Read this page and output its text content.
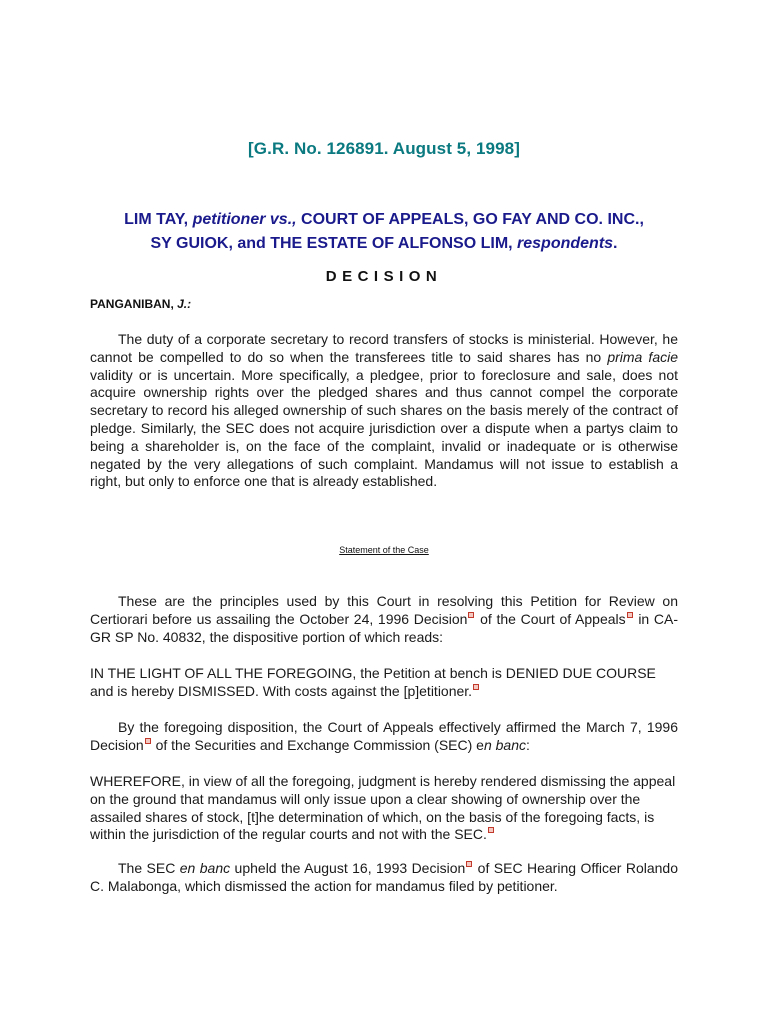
[G.R. No. 126891. August 5, 1998]
LIM TAY, petitioner vs., COURT OF APPEALS, GO FAY AND CO. INC.,
SY GUIOK, and THE ESTATE OF ALFONSO LIM, respondents.
DECISION
PANGANIBAN, J.:
The duty of a corporate secretary to record transfers of stocks is ministerial. However, he cannot be compelled to do so when the transferees title to said shares has no prima facie validity or is uncertain. More specifically, a pledgee, prior to foreclosure and sale, does not acquire ownership rights over the pledged shares and thus cannot compel the corporate secretary to record his alleged ownership of such shares on the basis merely of the contract of pledge. Similarly, the SEC does not acquire jurisdiction over a dispute when a partys claim to being a shareholder is, on the face of the complaint, invalid or inadequate or is otherwise negated by the very allegations of such complaint. Mandamus will not issue to establish a right, but only to enforce one that is already established.
Statement of the Case
These are the principles used by this Court in resolving this Petition for Review on Certiorari before us assailing the October 24, 1996 Decision of the Court of Appeals in CA-GR SP No. 40832, the dispositive portion of which reads:
IN THE LIGHT OF ALL THE FOREGOING, the Petition at bench is DENIED DUE COURSE and is hereby DISMISSED. With costs against the [p]etitioner.
By the foregoing disposition, the Court of Appeals effectively affirmed the March 7, 1996 Decision of the Securities and Exchange Commission (SEC) en banc:
WHEREFORE, in view of all the foregoing, judgment is hereby rendered dismissing the appeal on the ground that mandamus will only issue upon a clear showing of ownership over the assailed shares of stock, [t]he determination of which, on the basis of the foregoing facts, is within the jurisdiction of the regular courts and not with the SEC.
The SEC en banc upheld the August 16, 1993 Decision of SEC Hearing Officer Rolando C. Malabonga, which dismissed the action for mandamus filed by petitioner.
